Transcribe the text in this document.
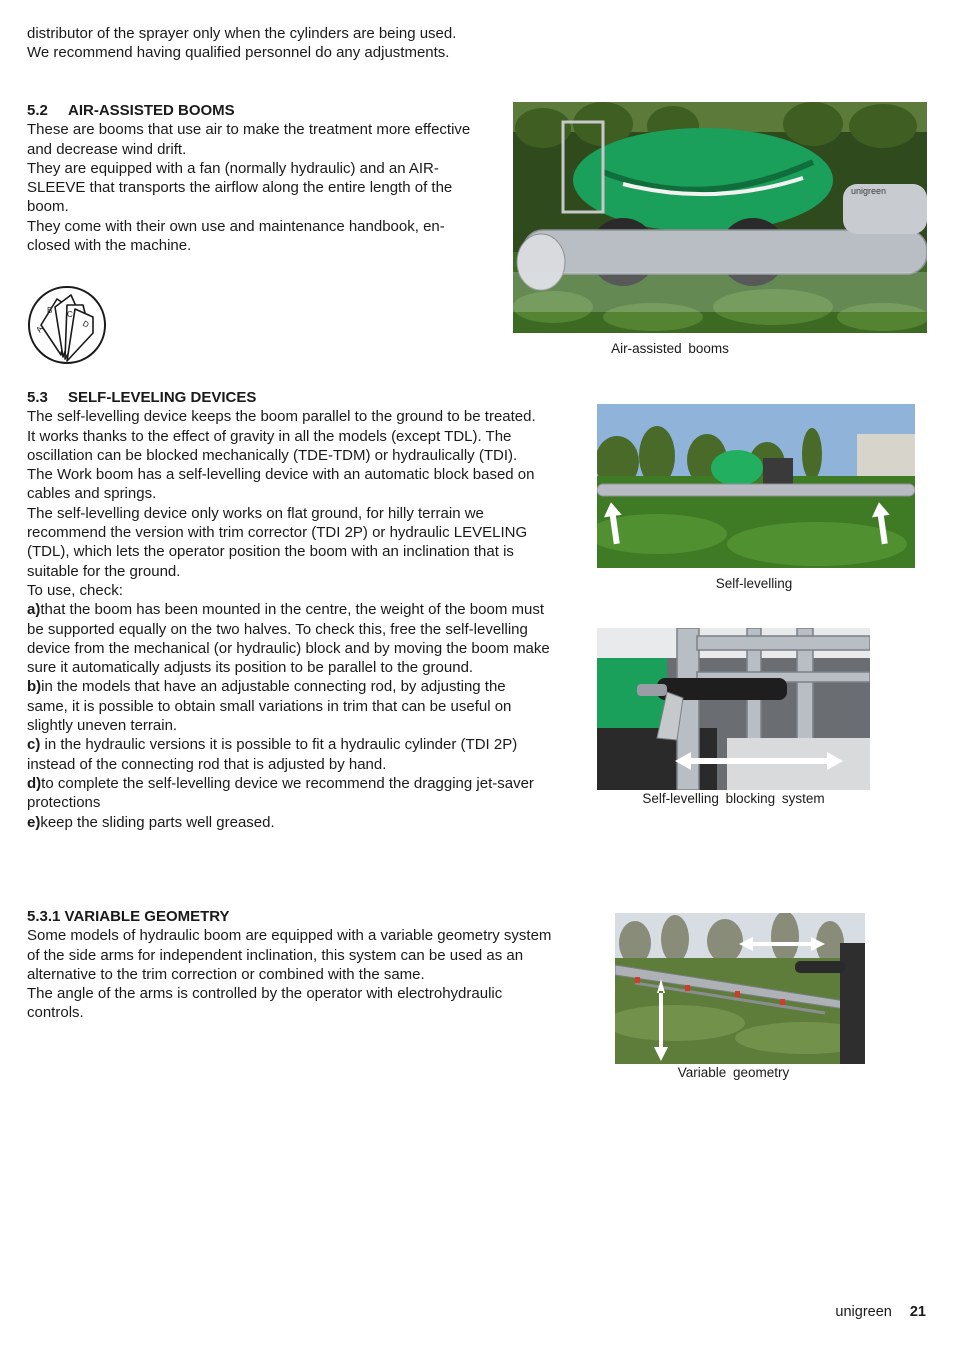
distributor of the sprayer only when the cylinders are being used.

We recommend having qualified personnel do any adjustments.

5.2 AIR-ASSISTED BOOMS

These are booms that use air to make the treatment more effective

and decrease wind drift.

They are equipped with a fan (normally hydraulic) and an AIR-

SLEEVE that transports the airflow along the entire length of the

boom.

They come with their own use and maintenance handbook, en-

closed with the machine.

A
B C
D
unigreen
Air-assisted booms

5.3 SELF-LEVELING DEVICES

The self-levelling device keeps the boom parallel to the ground to be treated.

It works thanks to the effect of gravity in all the models (except TDL). The

oscillation can be blocked mechanically (TDE-TDM) or hydraulically (TDI).

The Work boom has a self-levelling device with an automatic block based on

cables and springs.

The self-levelling device only works on flat ground, for hilly terrain we

recommend the version with trim corrector (TDI 2P) or hydraulic LEVELING

(TDL), which lets the operator position the boom with an inclination that is

suitable for the ground.

To use, check:

a)that the boom has been mounted in the centre, the weight of the boom must

be supported equally on the two halves. To check this, free the self-levelling

device from the mechanical (or hydraulic) block and by moving the boom make

sure it automatically adjusts its position to be parallel to the ground.

b)in the models that have an adjustable connecting rod, by adjusting the

same, it is possible to obtain small variations in trim that can be useful on

slightly uneven terrain.

c) in the hydraulic versions it is possible to fit a hydraulic cylinder (TDI 2P)

instead of the connecting rod that is adjusted by hand.

d)to complete the self-levelling device we recommend the dragging jet-saver

protections

e)keep the sliding parts well greased.

Self-levelling
Self-levelling blocking system

5.3.1 VARIABLE GEOMETRY

Some models of hydraulic boom are equipped with a variable geometry system

of the side arms for independent inclination, this system can be used as an

alternative to the trim correction or combined with the same.

The angle of the arms is controlled by the operator with electrohydraulic

controls.

Variable geometry
unigreen 21
